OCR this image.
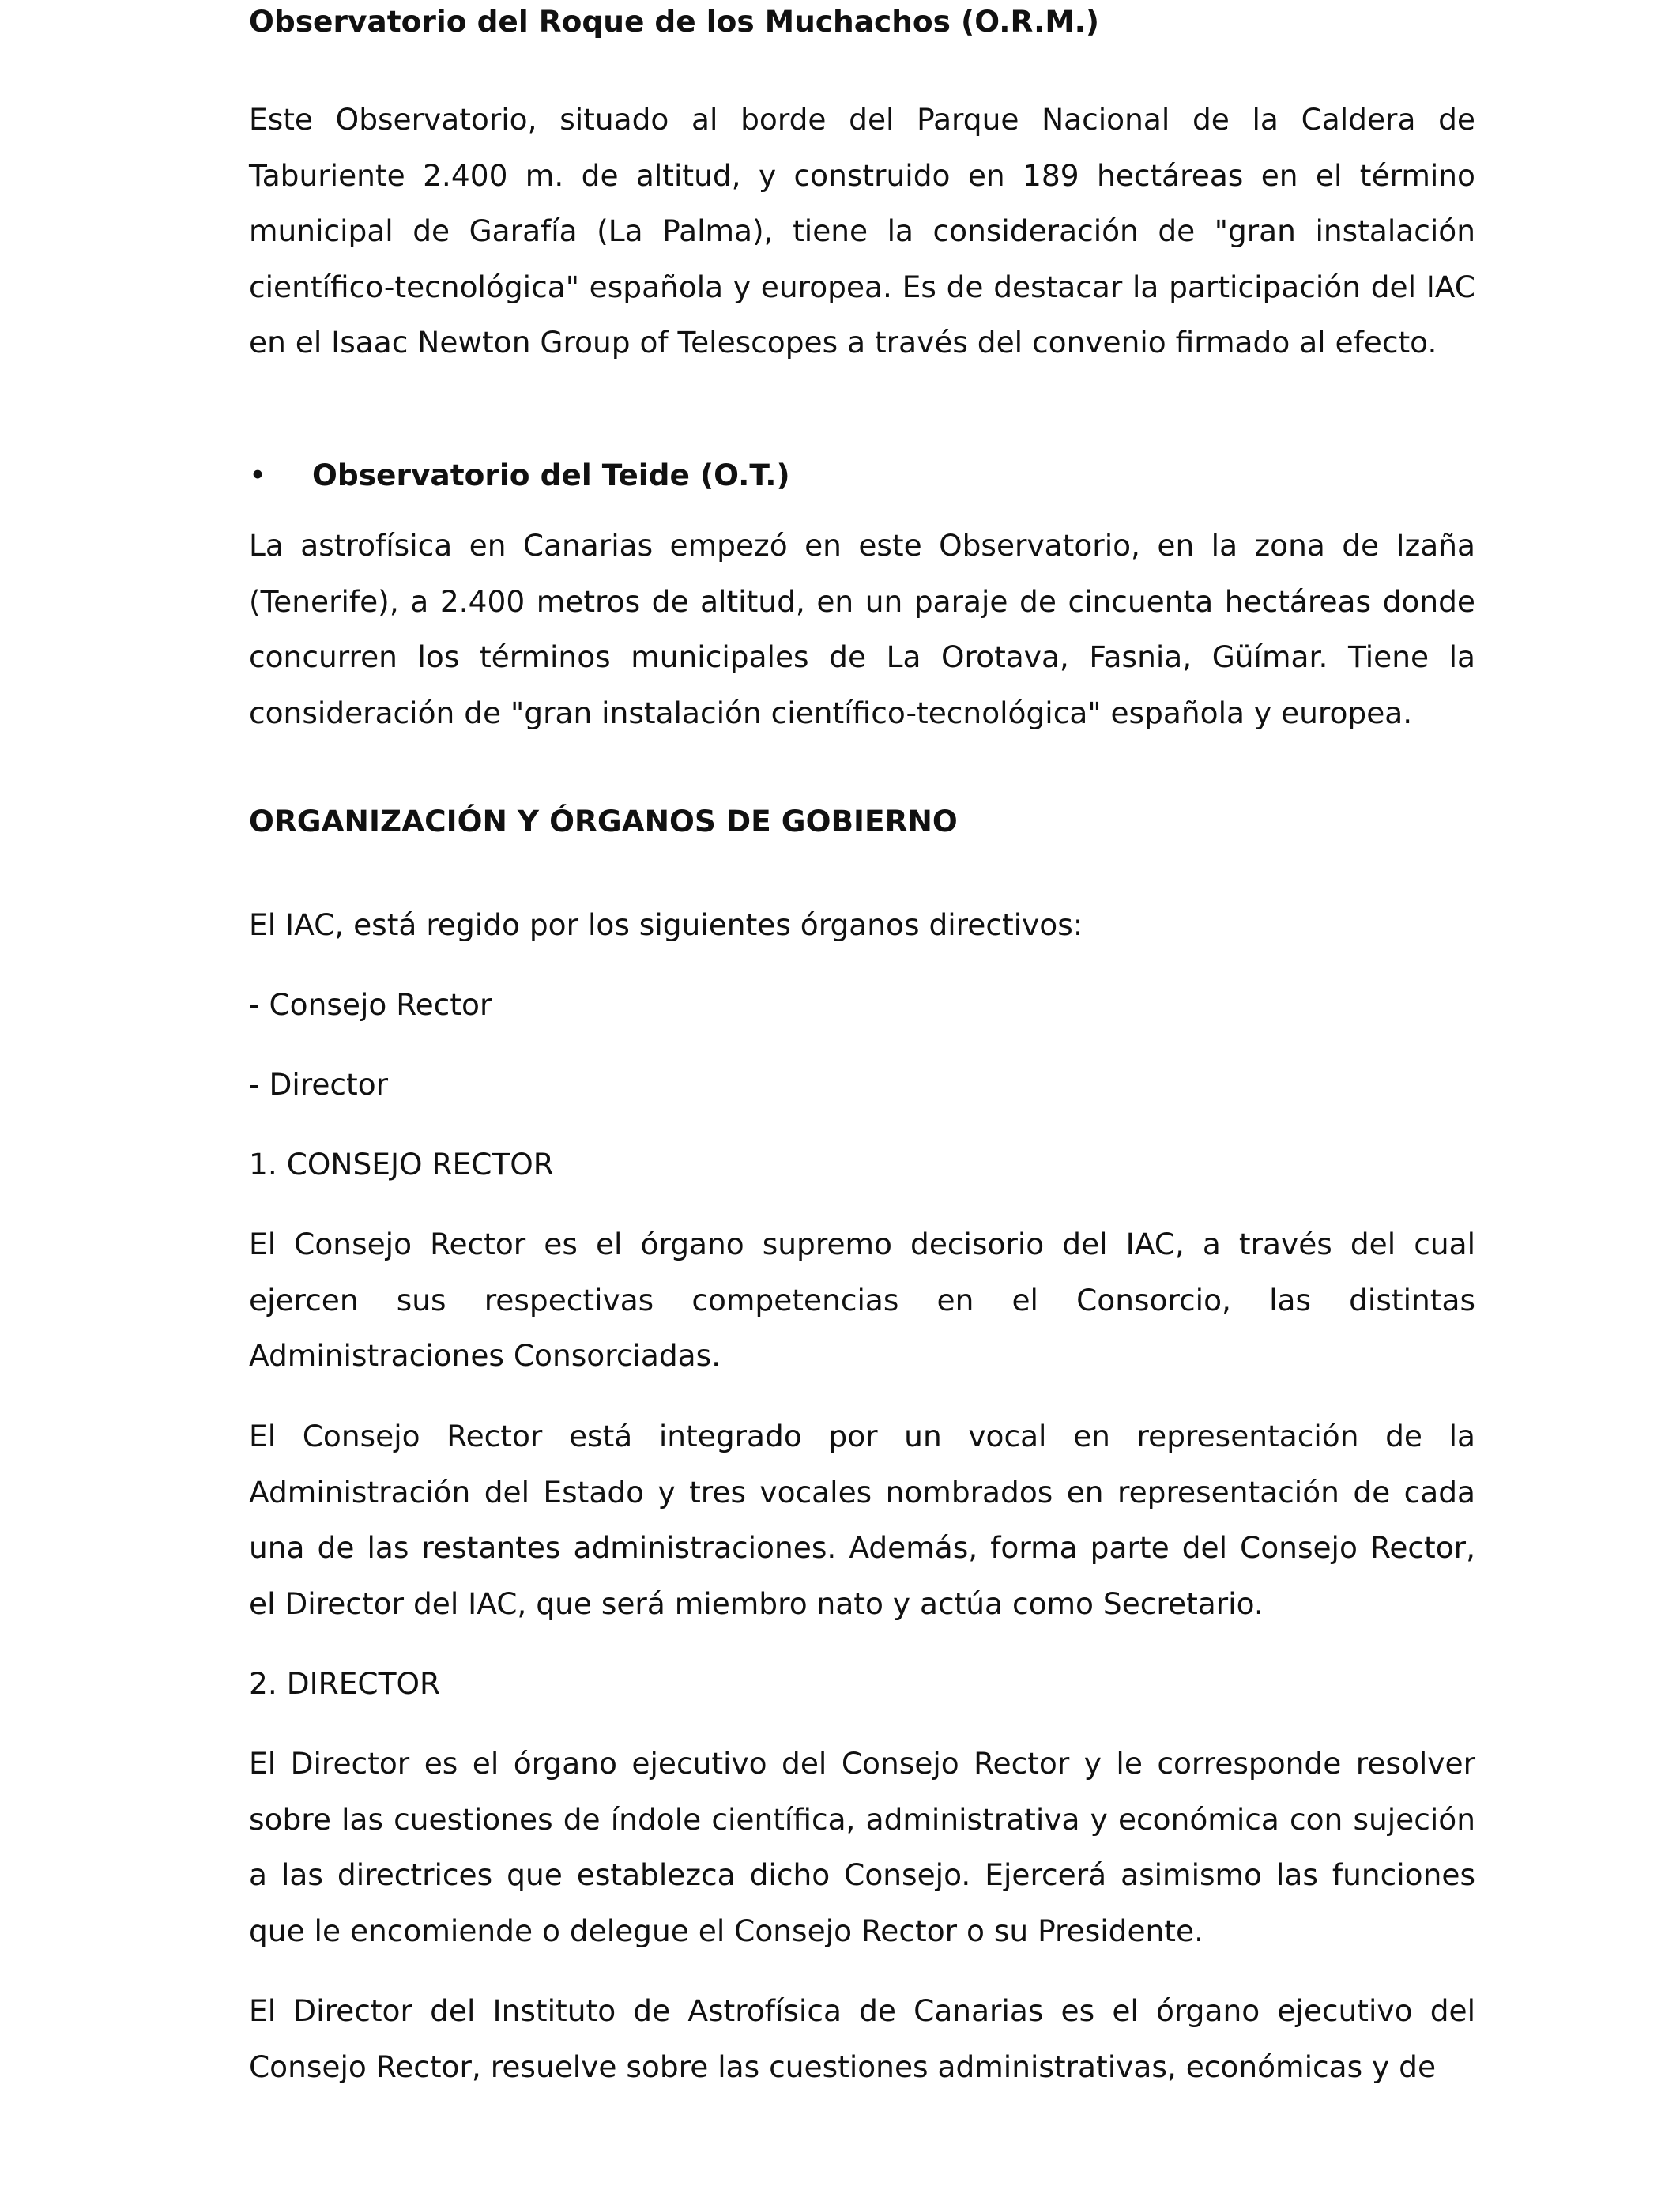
Observatorio del Roque de los Muchachos (O.R.M.)

Este Observatorio, situado al borde del Parque Nacional de la Caldera de Taburiente 2.400 m. de altitud, y construido en 189 hectáreas en el término municipal de Garafía (La Palma), tiene la consideración de "gran instalación científico-tecnológica" española y europea. Es de destacar la participación del IAC en el Isaac Newton Group of Telescopes a través del convenio firmado al efecto.

• Observatorio del Teide (O.T.)

La astrofísica en Canarias empezó en este Observatorio, en la zona de Izaña (Tenerife), a 2.400 metros de altitud, en un paraje de cincuenta hectáreas donde concurren los términos municipales de La Orotava, Fasnia, Güímar. Tiene la consideración de "gran instalación científico-tecnológica" española y europea.

ORGANIZACIÓN Y ÓRGANOS DE GOBIERNO

El IAC, está regido por los siguientes órganos directivos:

- Consejo Rector

- Director

1. CONSEJO RECTOR

El Consejo Rector es el órgano supremo decisorio del IAC, a través del cual ejercen sus respectivas competencias en el Consorcio, las distintas Administraciones Consorciadas.

El Consejo Rector está integrado por un vocal en representación de la Administración del Estado y tres vocales nombrados en representación de cada una de las restantes administraciones. Además, forma parte del Consejo Rector, el Director del IAC, que será miembro nato y actúa como Secretario.

2. DIRECTOR

El Director es el órgano ejecutivo del Consejo Rector y le corresponde resolver sobre las cuestiones de índole científica, administrativa y económica con sujeción a las directrices que establezca dicho Consejo. Ejercerá asimismo las funciones que le encomiende o delegue el Consejo Rector o su Presidente.

El Director del Instituto de Astrofísica de Canarias es el órgano ejecutivo del Consejo Rector, resuelve sobre las cuestiones administrativas, económicas y de
